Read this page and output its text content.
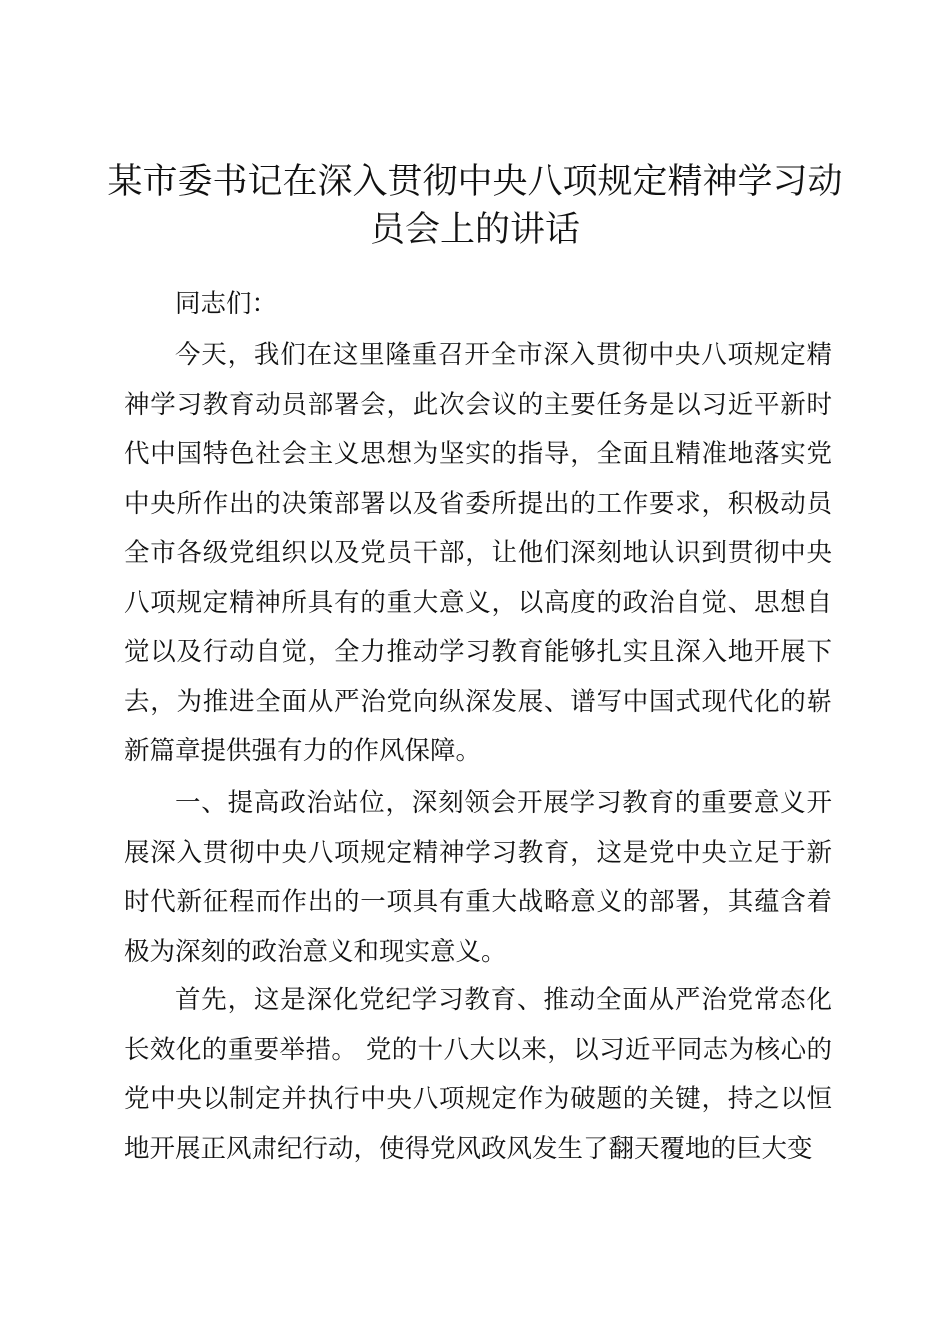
某市委书记在深入贯彻中央八项规定精神学习动员会上的讲话

同志们：

今天，我们在这里隆重召开全市深入贯彻中央八项规定精神学习教育动员部署会，此次会议的主要任务是以习近平新时代中国特色社会主义思想为坚实的指导，全面且精准地落实党中央所作出的决策部署以及省委所提出的工作要求，积极动员全市各级党组织以及党员干部，让他们深刻地认识到贯彻中央八项规定精神所具有的重大意义，以高度的政治自觉、思想自觉以及行动自觉，全力推动学习教育能够扎实且深入地开展下去，为推进全面从严治党向纵深发展、谱写中国式现代化的崭新篇章提供强有力的作风保障。

一、提高政治站位，深刻领会开展学习教育的重要意义开展深入贯彻中央八项规定精神学习教育，这是党中央立足于新时代新征程而作出的一项具有重大战略意义的部署，其蕴含着极为深刻的政治意义和现实意义。

首先，这是深化党纪学习教育、推动全面从严治党常态化长效化的重要举措。 党的十八大以来，以习近平同志为核心的党中央以制定并执行中央八项规定作为破题的关键，持之以恒地开展正风肃纪行动，使得党风政风发生了翻天覆地的巨大变
